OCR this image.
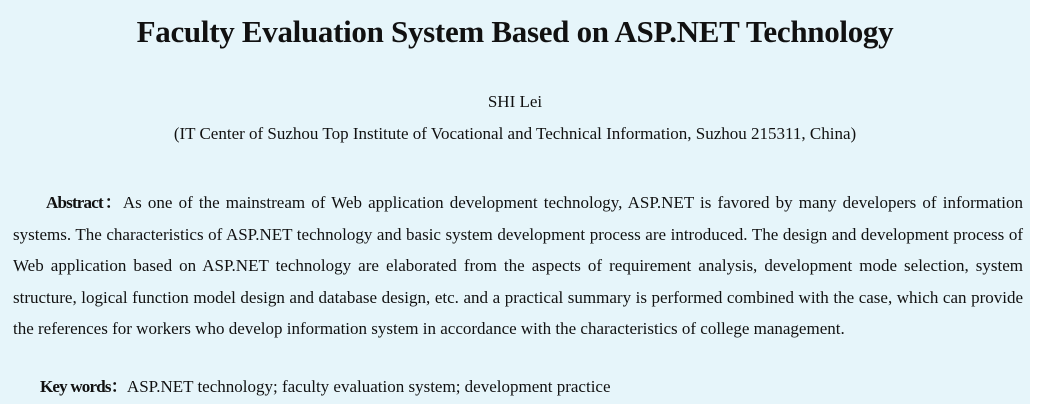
Faculty Evaluation System Based on ASP.NET Technology
SHI Lei
(IT Center of Suzhou Top Institute of Vocational and Technical Information, Suzhou 215311, China)

Abstract：As one of the mainstream of Web application development technology, ASP.NET is favored by many developers of information systems. The characteristics of ASP.NET technology and basic system development process are introduced. The design and development process of Web application based on ASP.NET technology are elaborated from the aspects of requirement analysis, development mode selection, system structure, logical function model design and database design, etc. and a practical summary is performed combined with the case, which can provide the references for workers who develop information system in accordance with the characteristics of college management.

Key words：ASP.NET technology; faculty evaluation system; development practice
